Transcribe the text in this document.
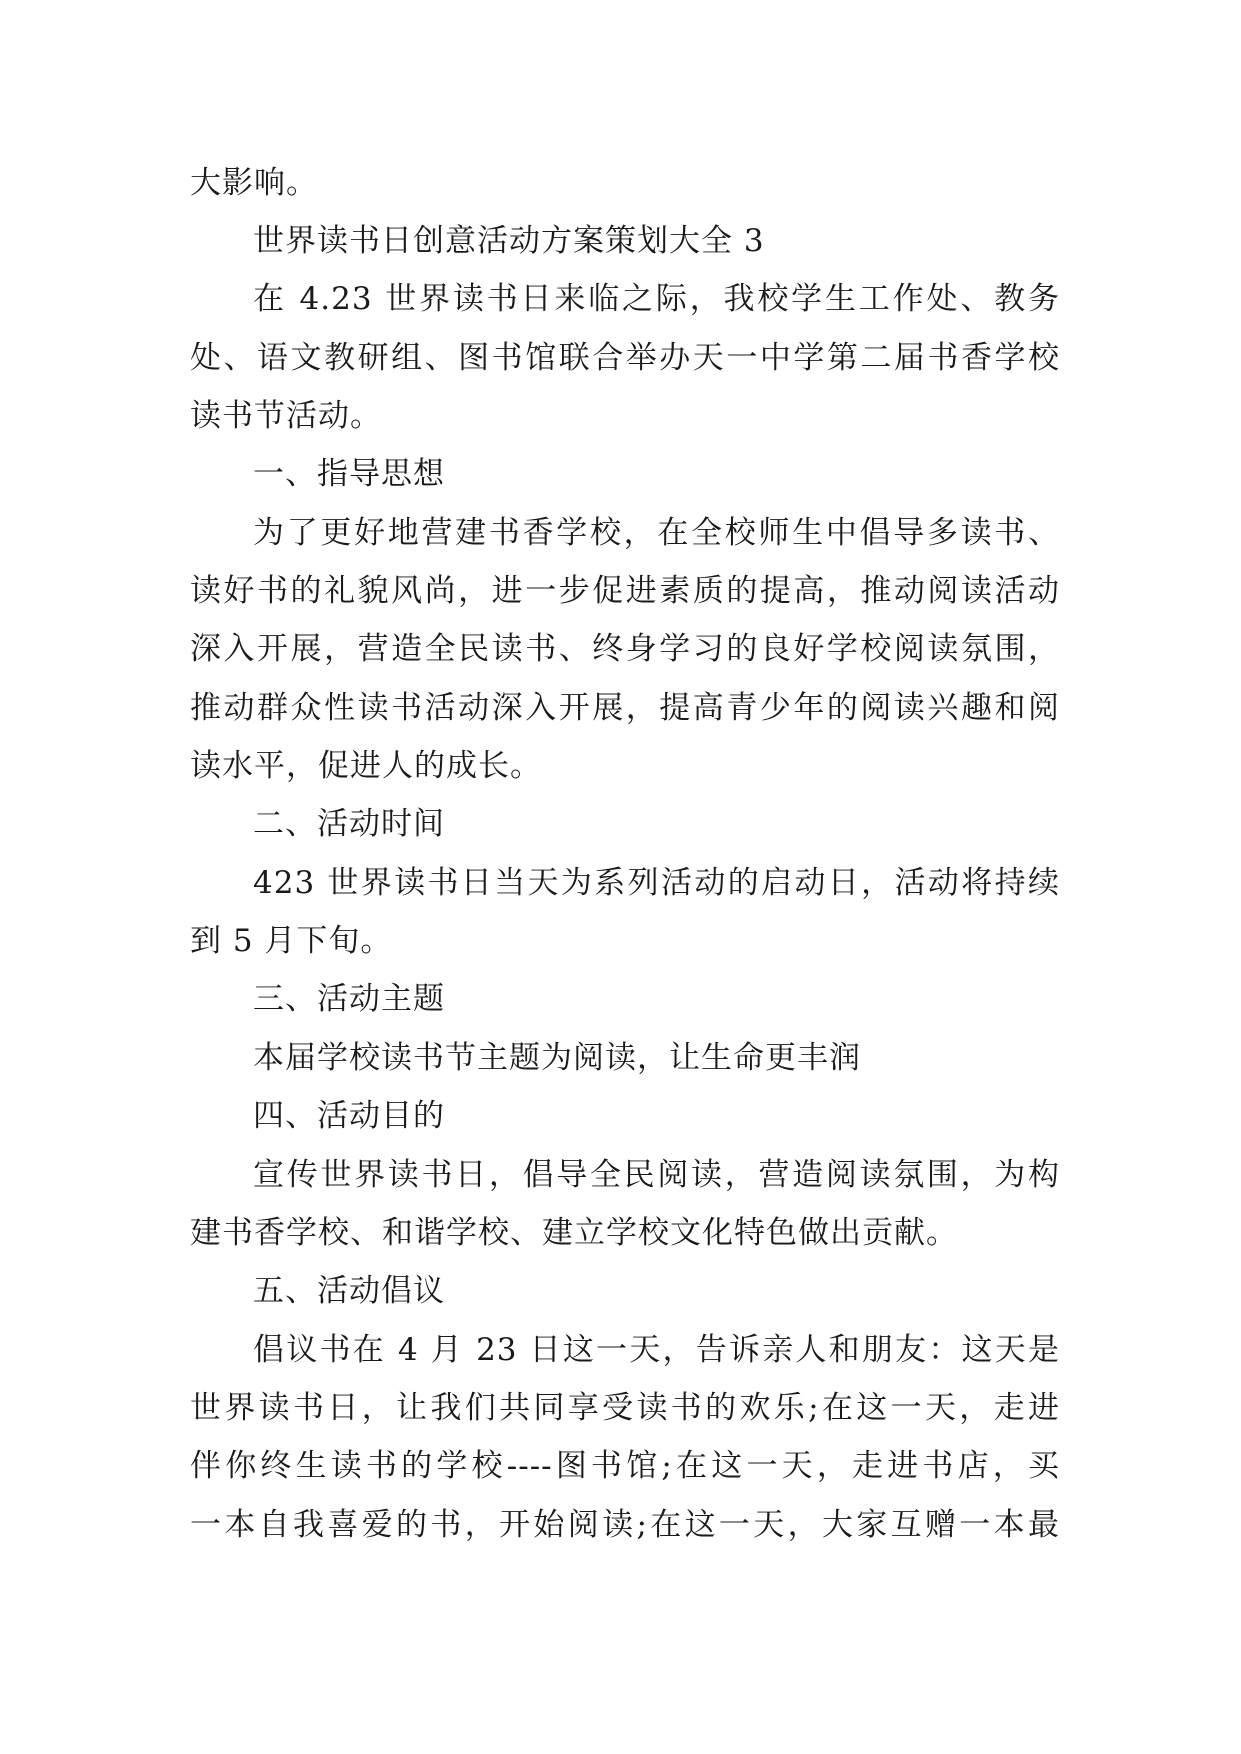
大影响。
世界读书日创意活动方案策划大全 3
在 4.23 世界读书日来临之际，我校学生工作处、教务
处、语文教研组、图书馆联合举办天一中学第二届书香学校
读书节活动。
一、指导思想
为了更好地营建书香学校，在全校师生中倡导多读书、
读好书的礼貌风尚，进一步促进素质的提高，推动阅读活动
深入开展，营造全民读书、终身学习的良好学校阅读氛围，
推动群众性读书活动深入开展，提高青少年的阅读兴趣和阅
读水平，促进人的成长。
二、活动时间
423 世界读书日当天为系列活动的启动日，活动将持续
到 5 月下旬。
三、活动主题
本届学校读书节主题为阅读，让生命更丰润
四、活动目的
宣传世界读书日，倡导全民阅读，营造阅读氛围，为构
建书香学校、和谐学校、建立学校文化特色做出贡献。
五、活动倡议
倡议书在 4 月 23 日这一天，告诉亲人和朋友：这天是
世界读书日，让我们共同享受读书的欢乐;在这一天，走进
伴你终生读书的学校----图书馆;在这一天，走进书店，买
一本自我喜爱的书，开始阅读;在这一天，大家互赠一本最
